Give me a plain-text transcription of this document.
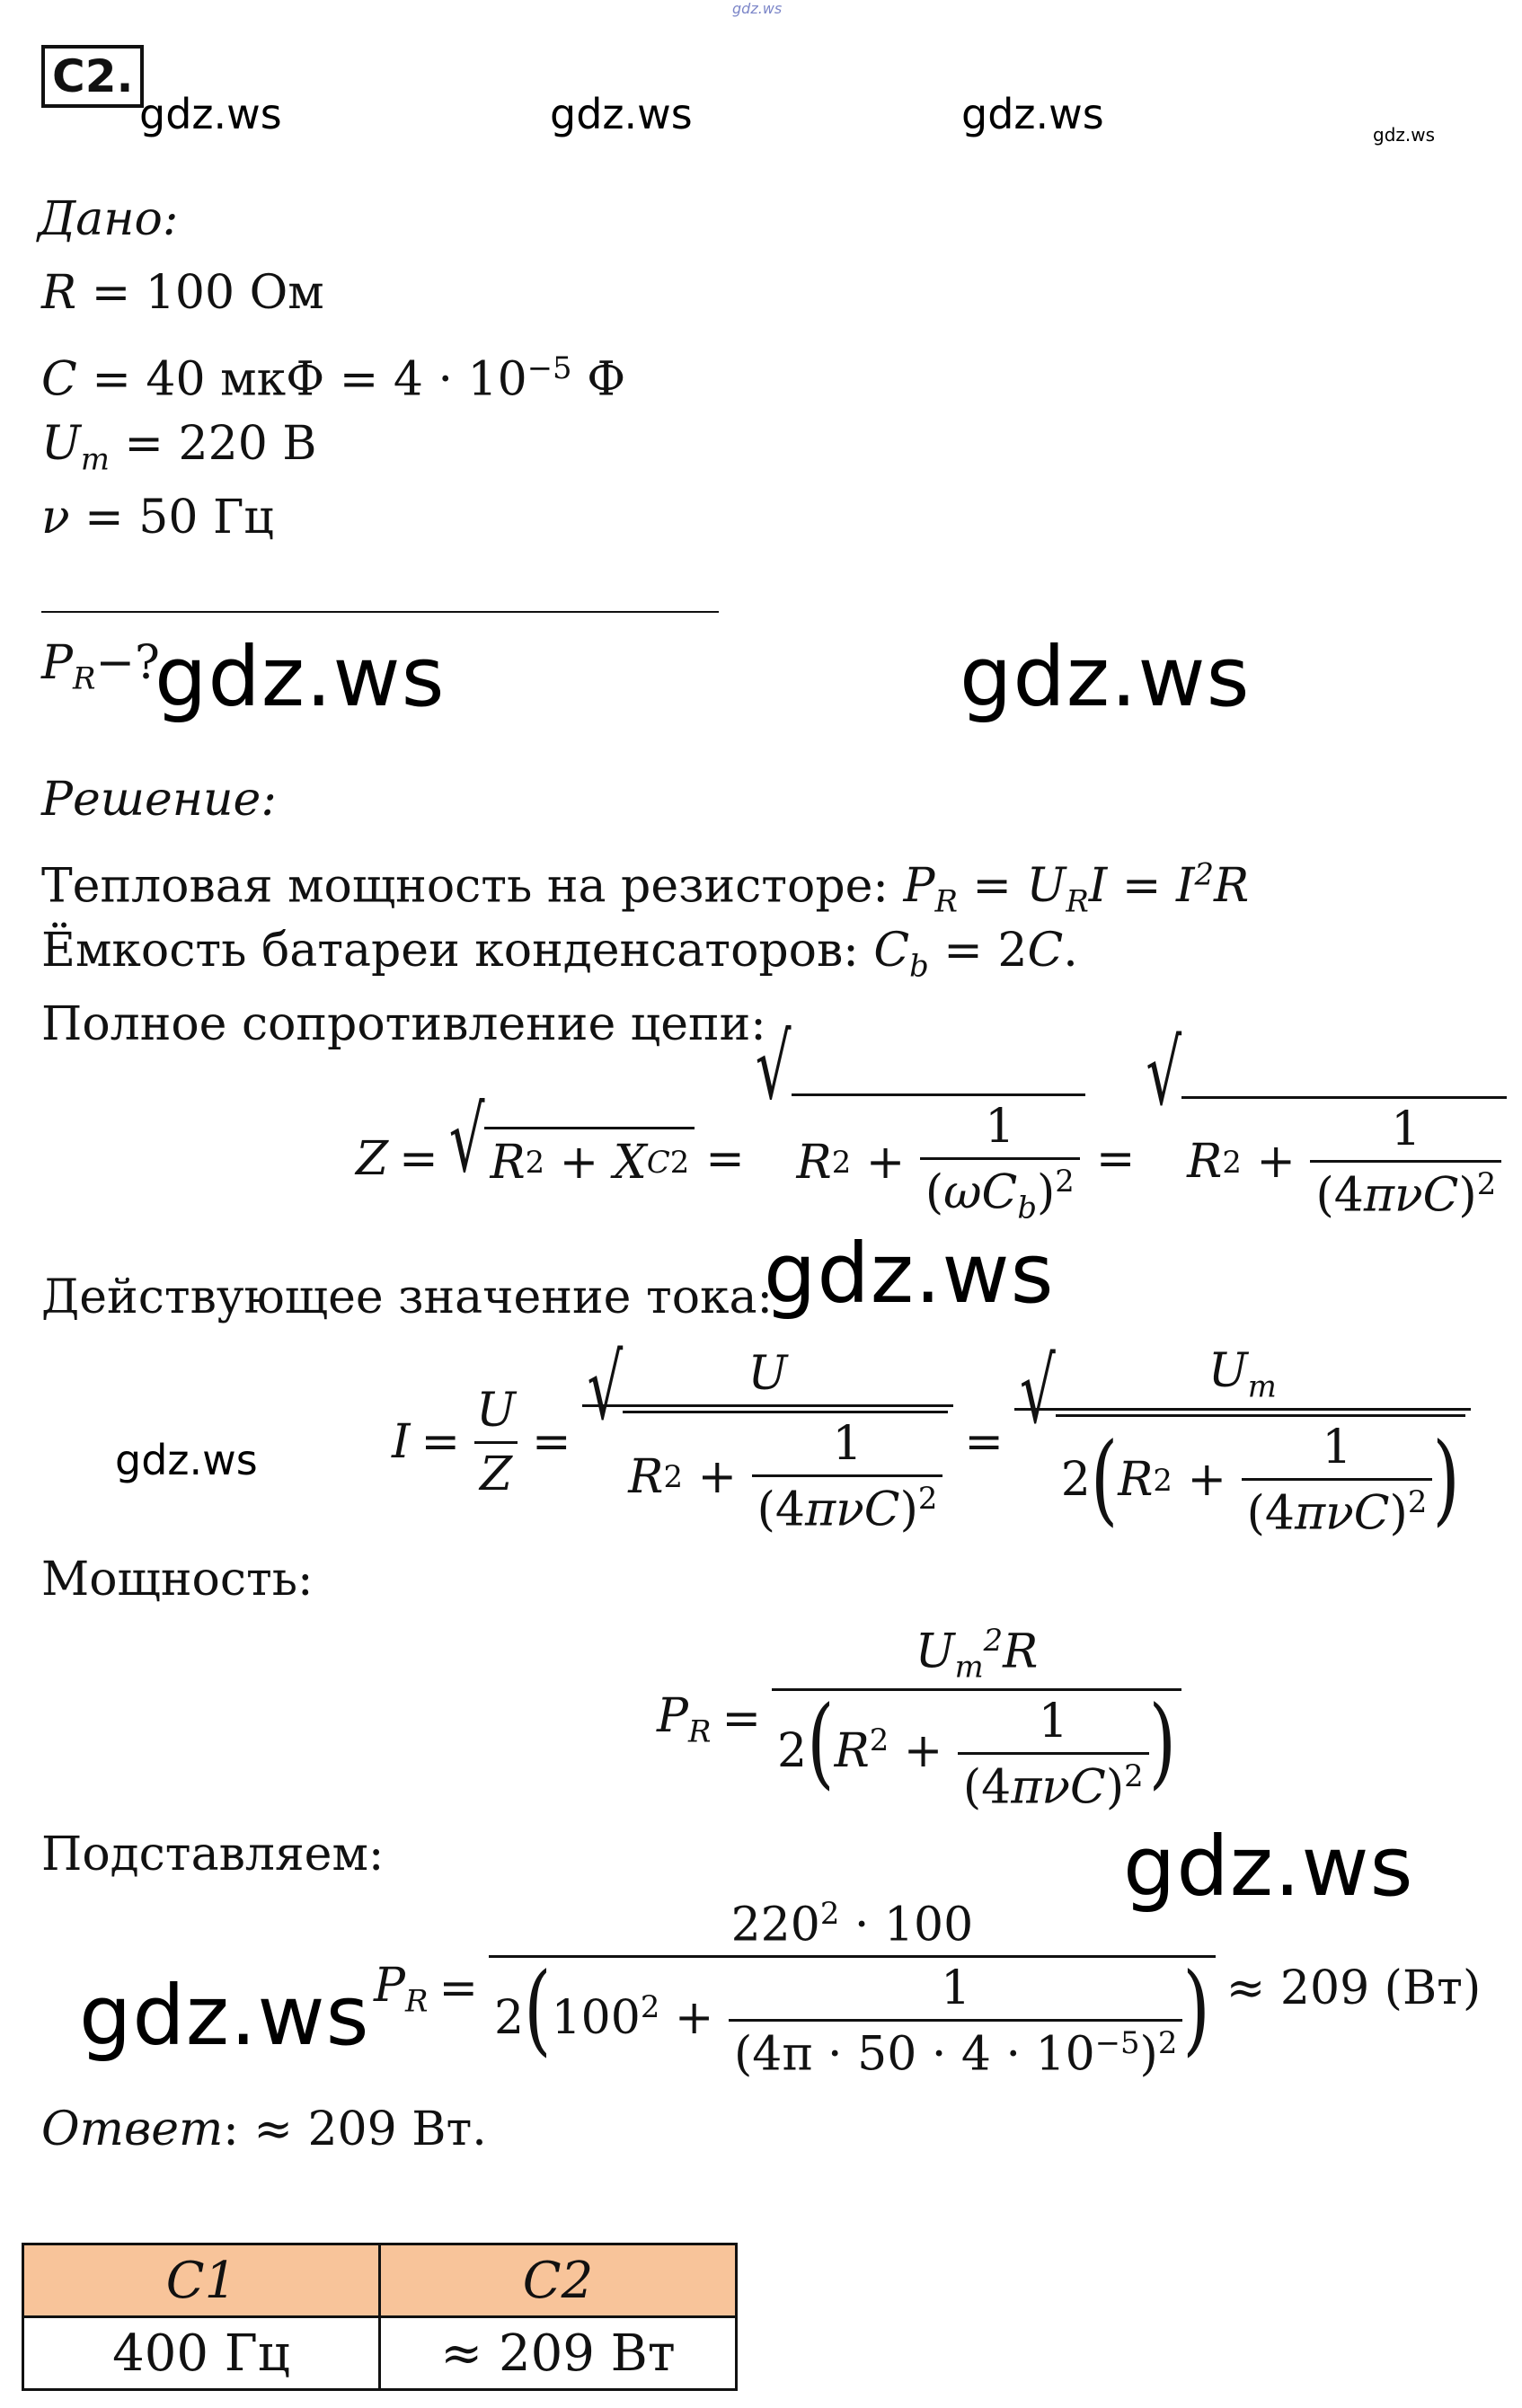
gdz.ws
С2.
gdz.ws	gdz.ws	gdz.ws	gdz.ws
Дано:
R = 100 Ом
C = 40 мкФ = $4 \cdot 10^{-5}$ Ф
$U_m = 220$ В
ν = 50 Гц
$P_R-$?
gdz.ws	gdz.ws
Решение:
Тепловая мощность на резисторе: $P_R = U_RI = I^2R$
Ёмкость батареи конденсаторов: $C_b = 2C$.
Полное сопротивление цепи:
Z = √ R 2 + X C 2 =
√
R $2 + \frac{1}{(\omega C_b)^2}$ =
√
R $2 + \frac{1}{(4\pi\nu C)^2}$
Действующее значение тока:
gdz.ws
$I = \frac{U}{Z} = U$
√
R $2 + \frac{1}{(4\pi\nu C)^2} = U_m$
√
2 ( R $2 + \frac{1}{(4\pi\nu C)^2}$ )
gdz.ws
Мощность:
$P_R = \frac{U_m^2R}{2(R^2 + \frac{1}{(4\pi\nu C)^2} )}$
Подставляем:	gdz.ws
$P_R = \frac{220^2 \cdot 100}{2(100^2 + \frac{1}{(4\pi \cdot 50 \cdot 4 \cdot 10^{-5})^2} )} \approx 209$ (Вт)
gdz.ws
Ответ: ≈ 209 Вт.
C1	C2
400 Гц	≈ 209 Вт
